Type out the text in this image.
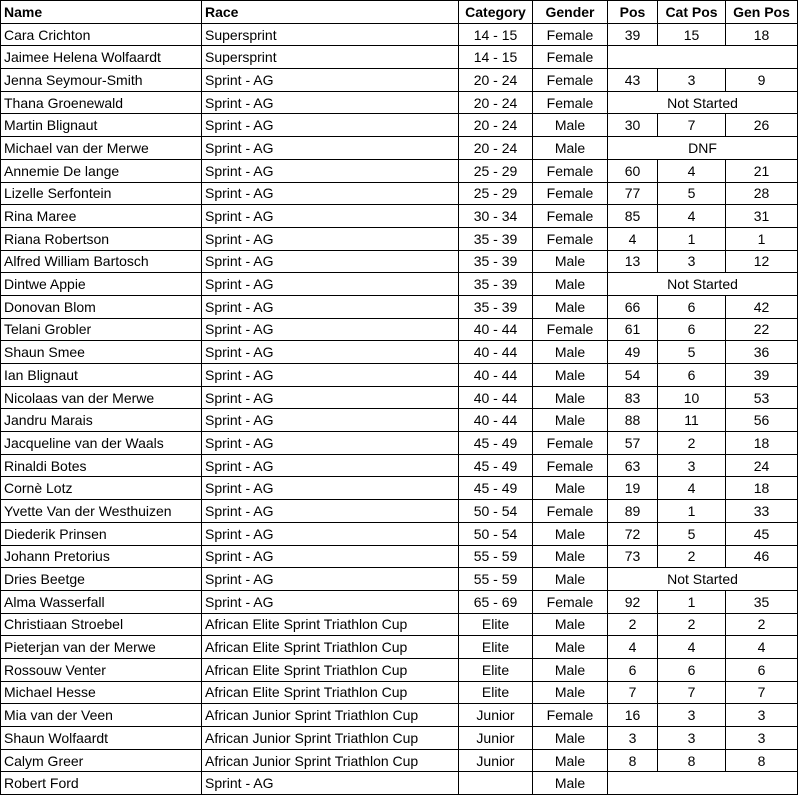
Name	Race	Category	Gender	Pos	Cat Pos	Gen Pos
Cara Crichton	Supersprint	14 - 15	Female	39	15	18
Jaimee Helena Wolfaardt	Supersprint	14 - 15	Female			
Jenna Seymour-Smith	Sprint - AG	20 - 24	Female	43	3	9
Thana Groenewald	Sprint - AG	20 - 24	Female	Not Started		
Martin Blignaut	Sprint - AG	20 - 24	Male	30	7	26
Michael van der Merwe	Sprint - AG	20 - 24	Male	DNF		
Annemie De lange	Sprint - AG	25 - 29	Female	60	4	21
Lizelle Serfontein	Sprint - AG	25 - 29	Female	77	5	28
Rina Maree	Sprint - AG	30 - 34	Female	85	4	31
Riana Robertson	Sprint - AG	35 - 39	Female	4	1	1
Alfred William Bartosch	Sprint - AG	35 - 39	Male	13	3	12
Dintwe Appie	Sprint - AG	35 - 39	Male	Not Started		
Donovan Blom	Sprint - AG	35 - 39	Male	66	6	42
Telani Grobler	Sprint - AG	40 - 44	Female	61	6	22
Shaun Smee	Sprint - AG	40 - 44	Male	49	5	36
Ian Blignaut	Sprint - AG	40 - 44	Male	54	6	39
Nicolaas van der Merwe	Sprint - AG	40 - 44	Male	83	10	53
Jandru Marais	Sprint - AG	40 - 44	Male	88	11	56
Jacqueline van der Waals	Sprint - AG	45 - 49	Female	57	2	18
Rinaldi Botes	Sprint - AG	45 - 49	Female	63	3	24
Cornè Lotz	Sprint - AG	45 - 49	Male	19	4	18
Yvette Van der Westhuizen	Sprint - AG	50 - 54	Female	89	1	33
Diederik Prinsen	Sprint - AG	50 - 54	Male	72	5	45
Johann Pretorius	Sprint - AG	55 - 59	Male	73	2	46
Dries Beetge	Sprint - AG	55 - 59	Male	Not Started		
Alma Wasserfall	Sprint - AG	65 - 69	Female	92	1	35
Christiaan Stroebel	African Elite Sprint Triathlon Cup	Elite	Male	2	2	2
Pieterjan van der Merwe	African Elite Sprint Triathlon Cup	Elite	Male	4	4	4
Rossouw Venter	African Elite Sprint Triathlon Cup	Elite	Male	6	6	6
Michael Hesse	African Elite Sprint Triathlon Cup	Elite	Male	7	7	7
Mia van der Veen	African Junior Sprint Triathlon Cup	Junior	Female	16	3	3
Shaun Wolfaardt	African Junior Sprint Triathlon Cup	Junior	Male	3	3	3
Calym Greer	African Junior Sprint Triathlon Cup	Junior	Male	8	8	8
Robert Ford	Sprint - AG		Male			
